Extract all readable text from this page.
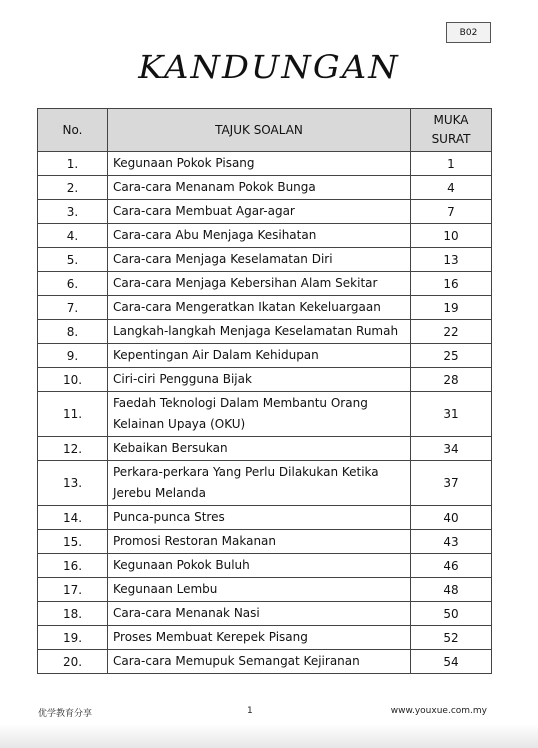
B02
KANDUNGAN
No.	TAJUK SOALAN	MUKA
SURAT

1.	Kegunaan Pokok Pisang	1
2.	Cara-cara Menanam Pokok Bunga	4
3.	Cara-cara Membuat Agar-agar	7
4.	Cara-cara Abu Menjaga Kesihatan	10
5.	Cara-cara Menjaga Keselamatan Diri	13
6.	Cara-cara Menjaga Kebersihan Alam Sekitar	16
7.	Cara-cara Mengeratkan Ikatan Kekeluargaan	19
8.	Langkah-langkah Menjaga Keselamatan Rumah	22
9.	Kepentingan Air Dalam Kehidupan	25
10.	Ciri-ciri Pengguna Bijak	28
11.	Faedah Teknologi Dalam Membantu Orang Kelainan Upaya (OKU)	31
12.	Kebaikan Bersukan	34
13.	Perkara-perkara Yang Perlu Dilakukan Ketika Jerebu Melanda	37
14.	Punca-punca Stres	40
15.	Promosi Restoran Makanan	43
16.	Kegunaan Pokok Buluh	46
17.	Kegunaan Lembu	48
18.	Cara-cara Menanak Nasi	50
19.	Proses Membuat Kerepek Pisang	52
20.	Cara-cara Memupuk Semangat Kejiranan	54
优学教育分享	1	www.youxue.com.my
